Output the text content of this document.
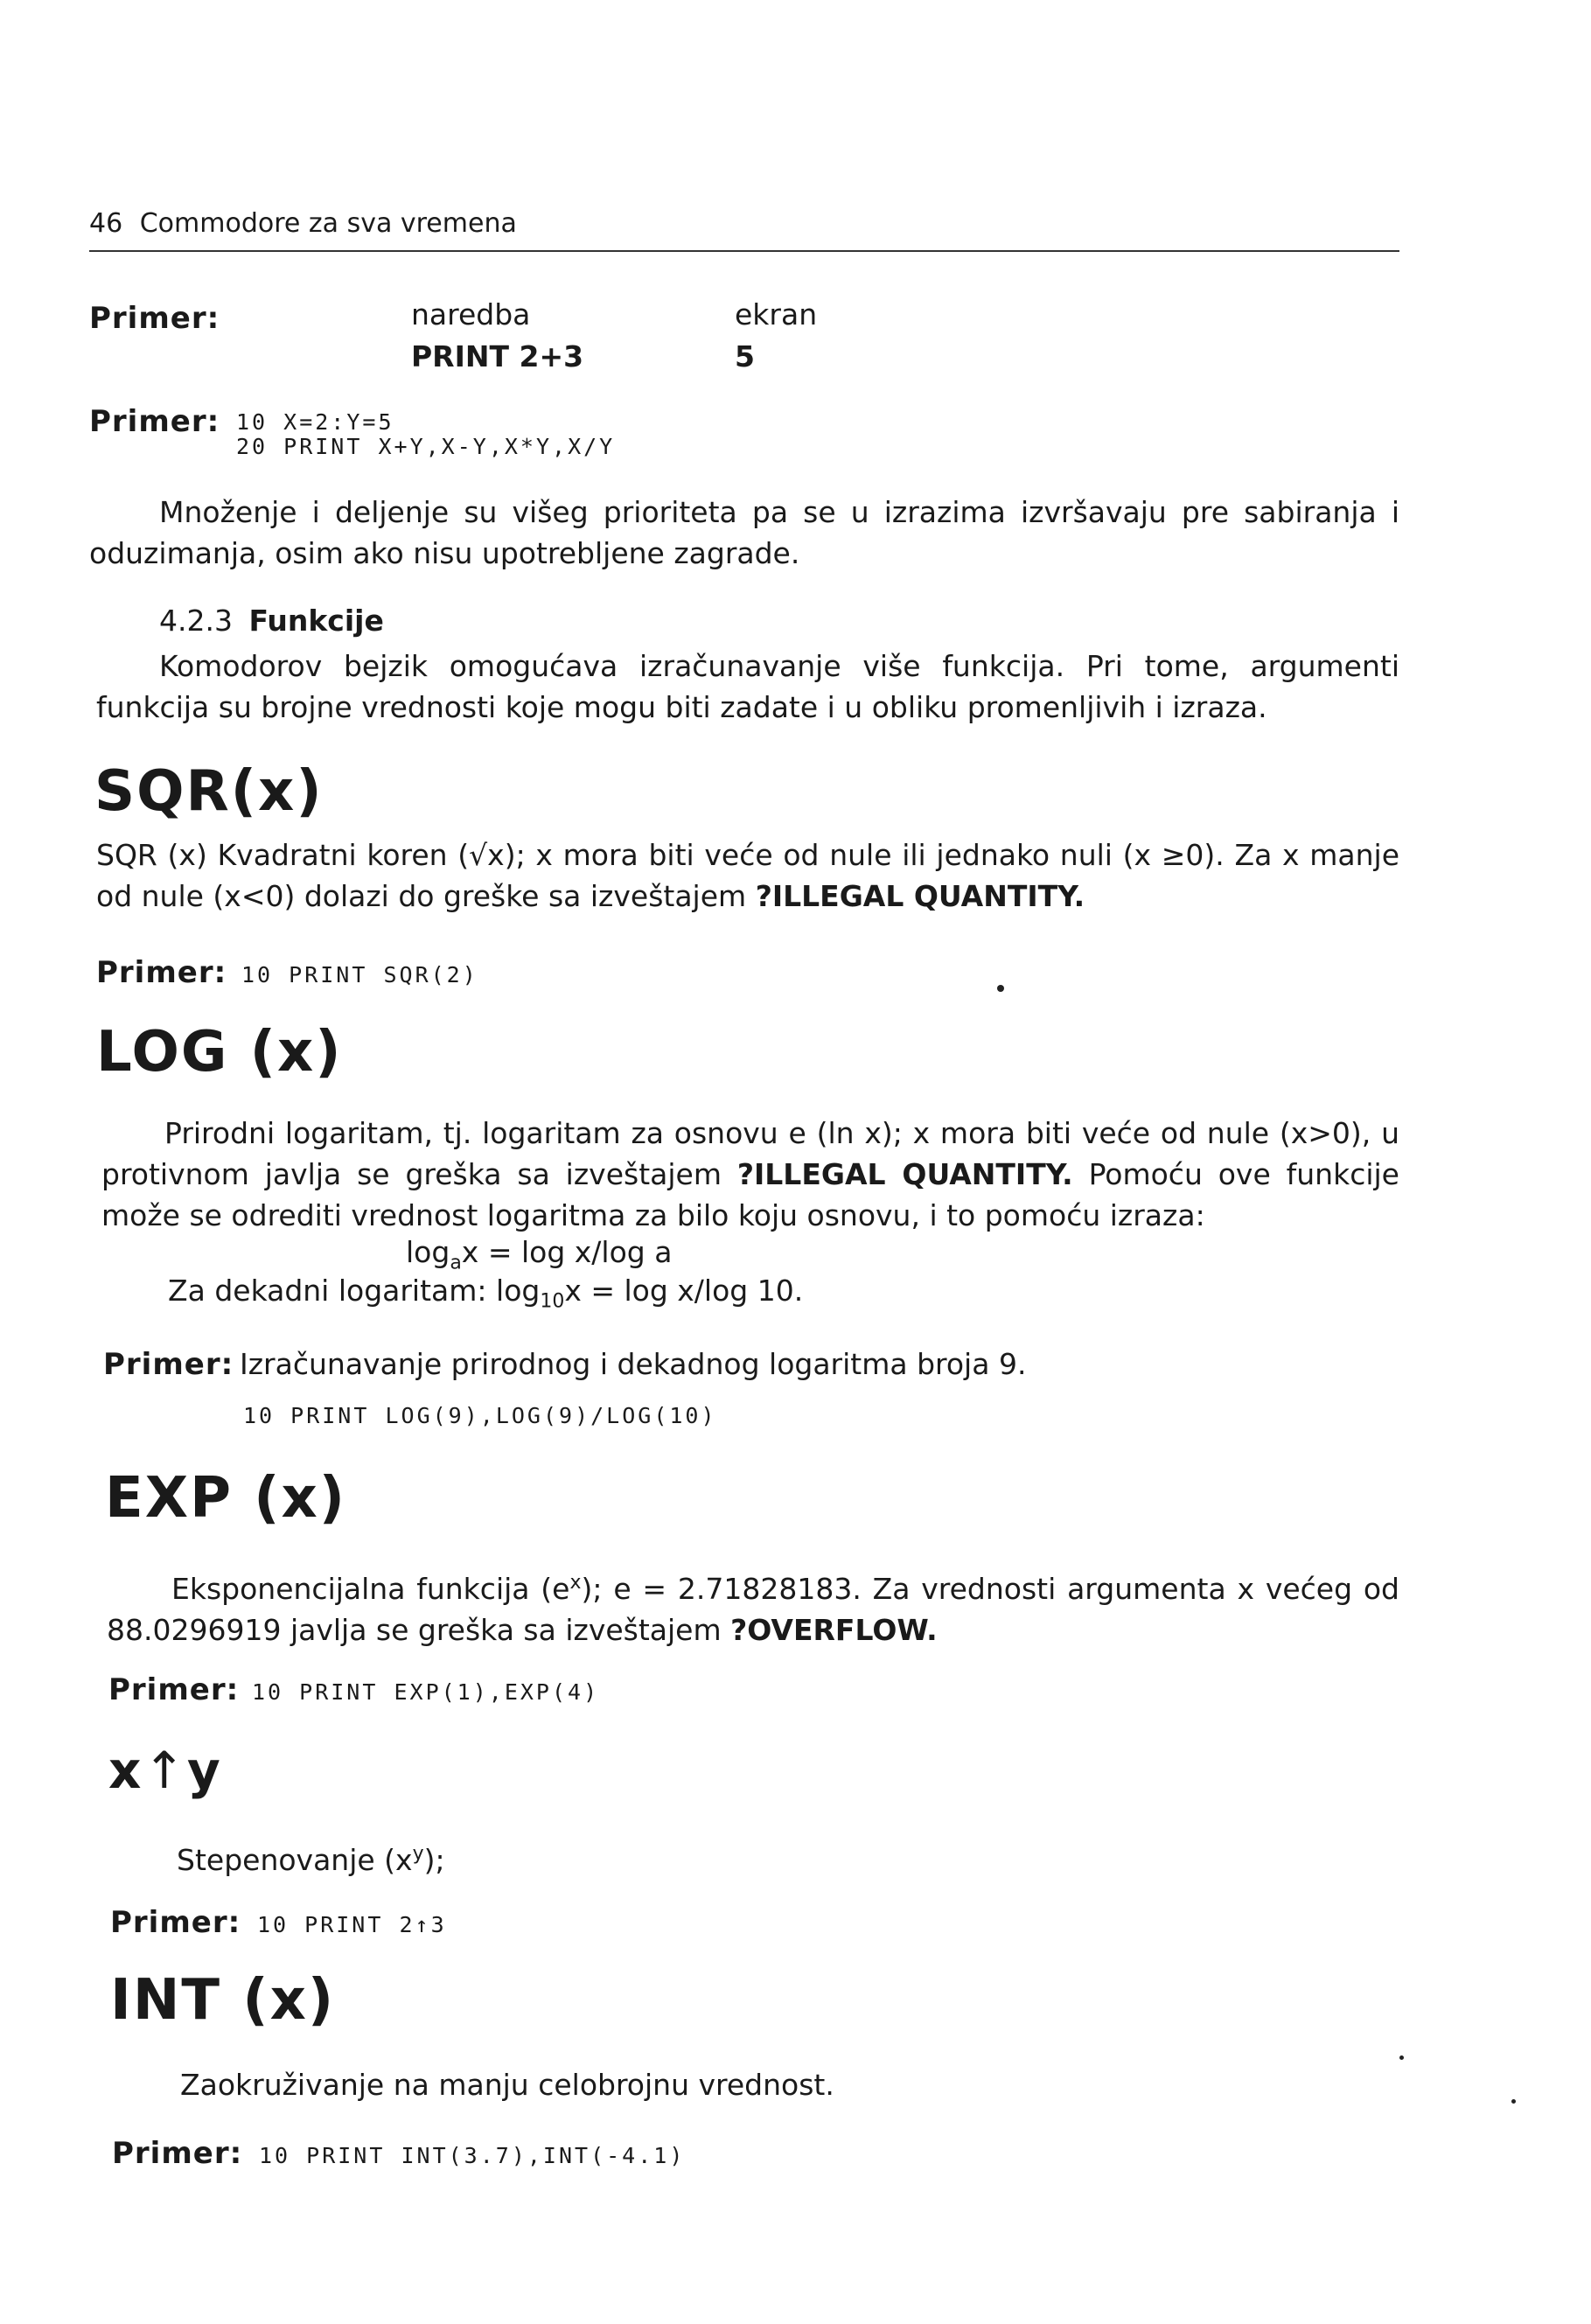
46 Commodore za sva vremena
Primer:	naredba	ekran
PRINT 2+3	5
Primer: 10 X=2:Y=5
20 PRINT X+Y,X-Y,X*Y,X/Y
Množenje i deljenje su višeg prioriteta pa se u izrazima izvršavaju pre sabiranja i oduzimanja, osim ako nisu upotrebljene zagrade.
4.2.3 Funkcije
Komodorov bejzik omogućava izračunavanje više funkcija. Pri tome, argumenti funkcija su brojne vrednosti koje mogu biti zadate i u obliku promenljivih i izraza.
SQR(x)
SQR (x) Kvadratni koren (√x); x mora biti veće od nule ili jednako nuli (x ≥0). Za x manje od nule (x<0) dolazi do greške sa izveštajem ?ILLEGAL QUANTITY.
Primer: 10 PRINT SQR(2)
LOG (x)
Prirodni logaritam, tj. logaritam za osnovu e (ln x); x mora biti veće od nule (x>0), u protivnom javlja se greška sa izveštajem ?ILLEGAL QUANTITY. Pomoću ove funkcije može se odrediti vrednost logaritma za bilo koju osnovu, i to pomoću izraza:
$\log_ax = \log x/\log$ a
Za dekadni logaritam: $\log_{10}x = \log x/\log$ 10.
Primer: Izračunavanje prirodnog i dekadnog logaritma broja 9.
10 PRINT LOG(9),LOG(9)/LOG(10)
EXP (x)
Eksponencijalna funkcija $(e^x)$; e = 2.71828183. Za vrednosti argumenta x većeg od 88.0296919 javlja se greška sa izveštajem ?OVERFLOW.
Primer: 10 PRINT EXP(1),EXP(4)
x↑y
Stepenovanje $(x^y)$;
Primer: 10 PRINT 2↑3
INT (x)
Zaokruživanje na manju celobrojnu vrednost.
Primer: 10 PRINT INT(3.7),INT(-4.1)
